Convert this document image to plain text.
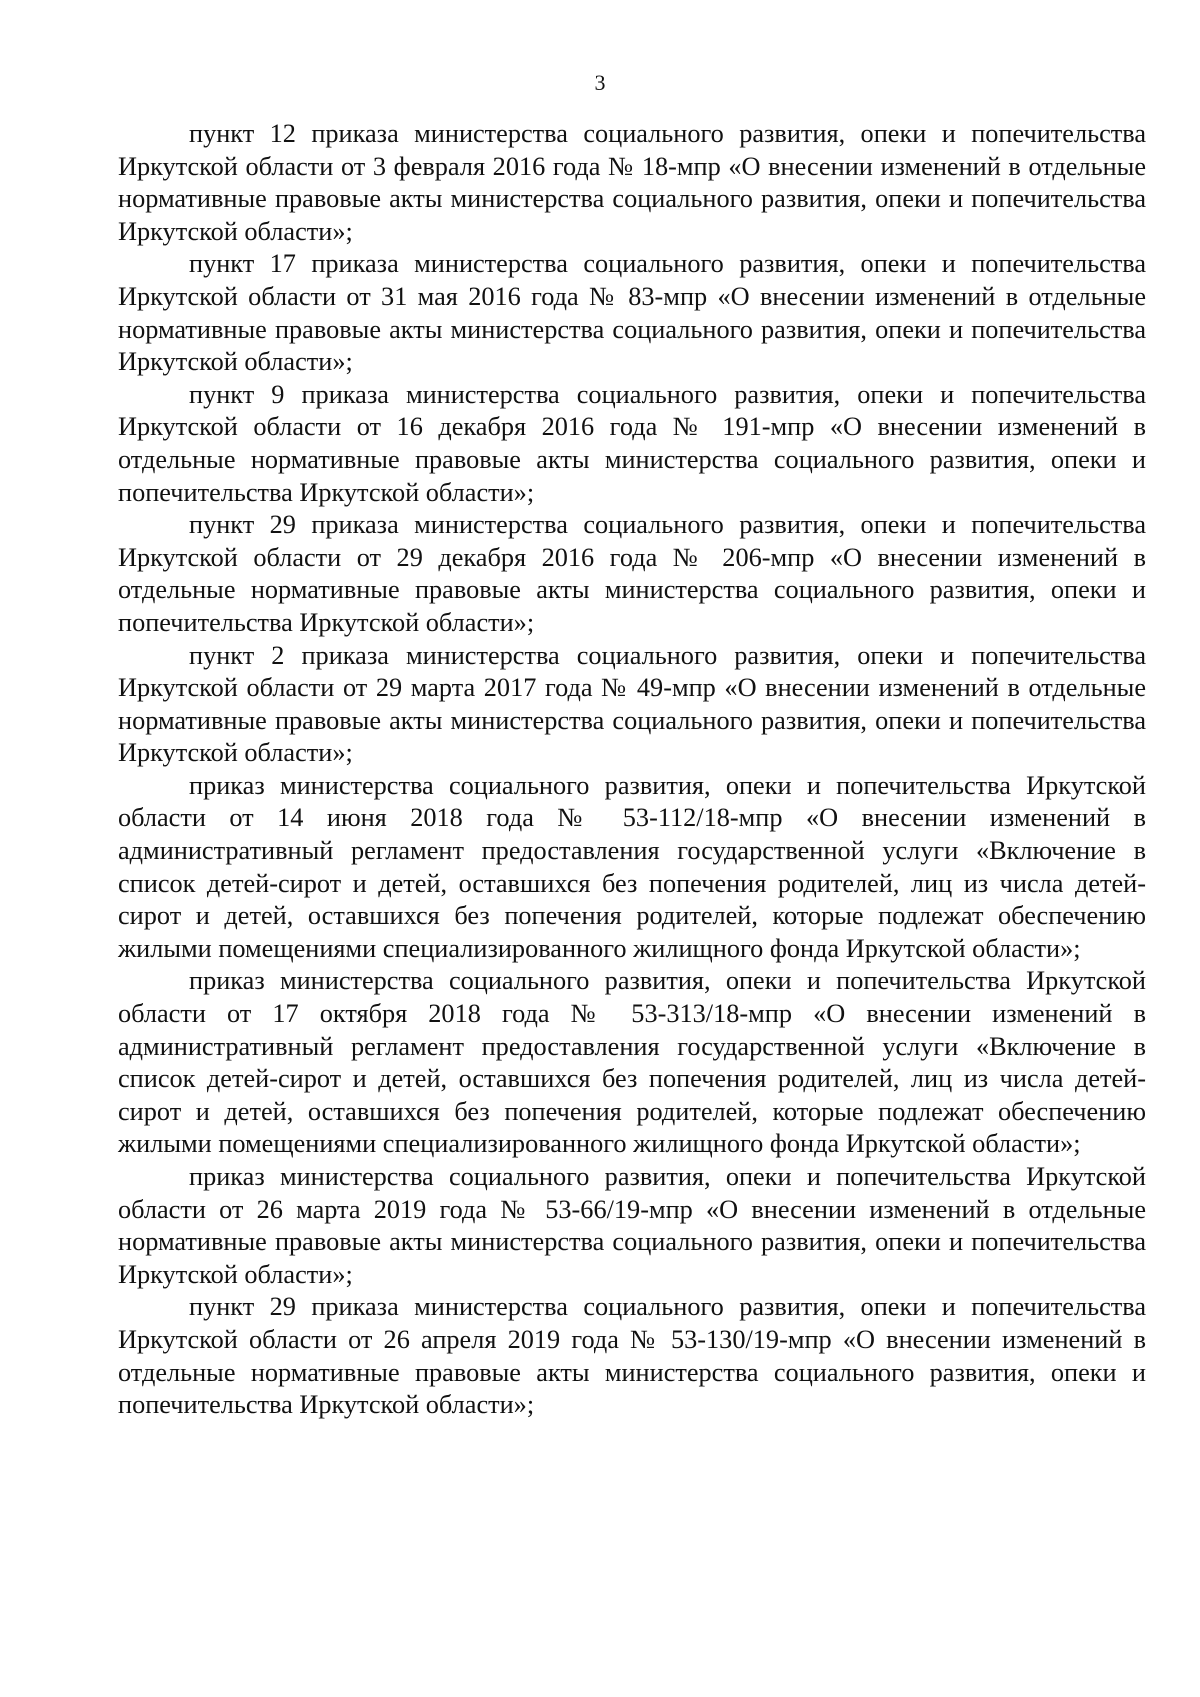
3

пункт 12 приказа министерства социального развития, опеки и попечительства Иркутской области от 3 февраля 2016 года № 18-мпр «О внесении изменений в отдельные нормативные правовые акты министерства социального развития, опеки и попечительства Иркутской области»;

пункт 17 приказа министерства социального развития, опеки и попечительства Иркутской области от 31 мая 2016 года № 83-мпр «О внесении изменений в отдельные нормативные правовые акты министерства социального развития, опеки и попечительства Иркутской области»;

пункт 9 приказа министерства социального развития, опеки и попечительства Иркутской области от 16 декабря 2016 года № 191-мпр «О внесении изменений в отдельные нормативные правовые акты министерства социального развития, опеки и попечительства Иркутской области»;

пункт 29 приказа министерства социального развития, опеки и попечительства Иркутской области от 29 декабря 2016 года № 206-мпр «О внесении изменений в отдельные нормативные правовые акты министерства социального развития, опеки и попечительства Иркутской области»;

пункт 2 приказа министерства социального развития, опеки и попечительства Иркутской области от 29 марта 2017 года № 49-мпр «О внесении изменений в отдельные нормативные правовые акты министерства социального развития, опеки и попечительства Иркутской области»;

приказ министерства социального развития, опеки и попечительства Иркутской области от 14 июня 2018 года № 53-112/18-мпр «О внесении изменений в административный регламент предоставления государственной услуги «Включение в список детей-сирот и детей, оставшихся без попечения родителей, лиц из числа детей-сирот и детей, оставшихся без попечения родителей, которые подлежат обеспечению жилыми помещениями специализированного жилищного фонда Иркутской области»;

приказ министерства социального развития, опеки и попечительства Иркутской области от 17 октября 2018 года № 53-313/18-мпр «О внесении изменений в административный регламент предоставления государственной услуги «Включение в список детей-сирот и детей, оставшихся без попечения родителей, лиц из числа детей-сирот и детей, оставшихся без попечения родителей, которые подлежат обеспечению жилыми помещениями специализированного жилищного фонда Иркутской области»;

приказ министерства социального развития, опеки и попечительства Иркутской области от 26 марта 2019 года № 53-66/19-мпр «О внесении изменений в отдельные нормативные правовые акты министерства социального развития, опеки и попечительства Иркутской области»;

пункт 29 приказа министерства социального развития, опеки и попечительства Иркутской области от 26 апреля 2019 года № 53-130/19-мпр «О внесении изменений в отдельные нормативные правовые акты министерства социального развития, опеки и попечительства Иркутской области»;
